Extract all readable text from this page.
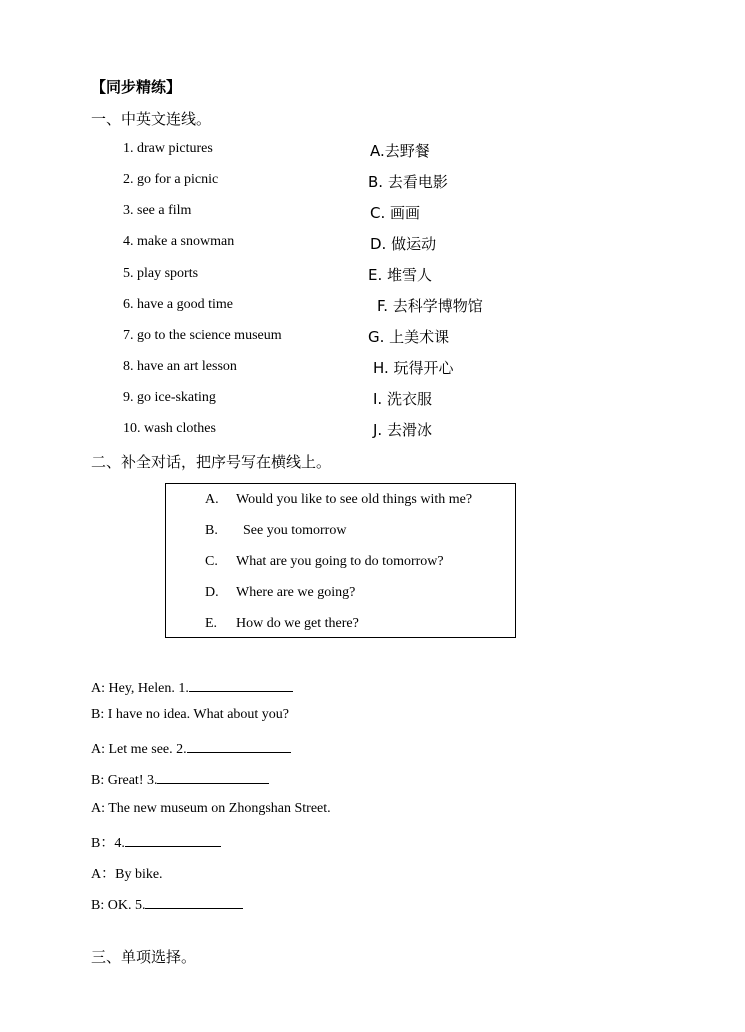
【同步精练】
一、中英文连线。
1. draw pictures
2. go for a picnic
3. see a film
4. make a snowman
5. play sports
6. have a good time
7. go to the science museum
8. have an art lesson
9. go ice-skating
10. wash clothes
A.去野餐
B. 去看电影
C. 画画
D. 做运动
E. 堆雪人
F. 去科学博物馆
G. 上美术课
H. 玩得开心
I. 洗衣服
J. 去滑冰
二、补全对话，把序号写在横线上。
A. Would you like to see old things with me?
B. See you tomorrow
C. What are you going to do tomorrow?
D. Where are we going?
E. How do we get there?
A: Hey, Helen. 1.
B: I have no idea. What about you?
A: Let me see. 2.
B: Great! 3.
A: The new museum on Zhongshan Street.
B：4.
A：By bike.
B: OK. 5.
三、单项选择。
